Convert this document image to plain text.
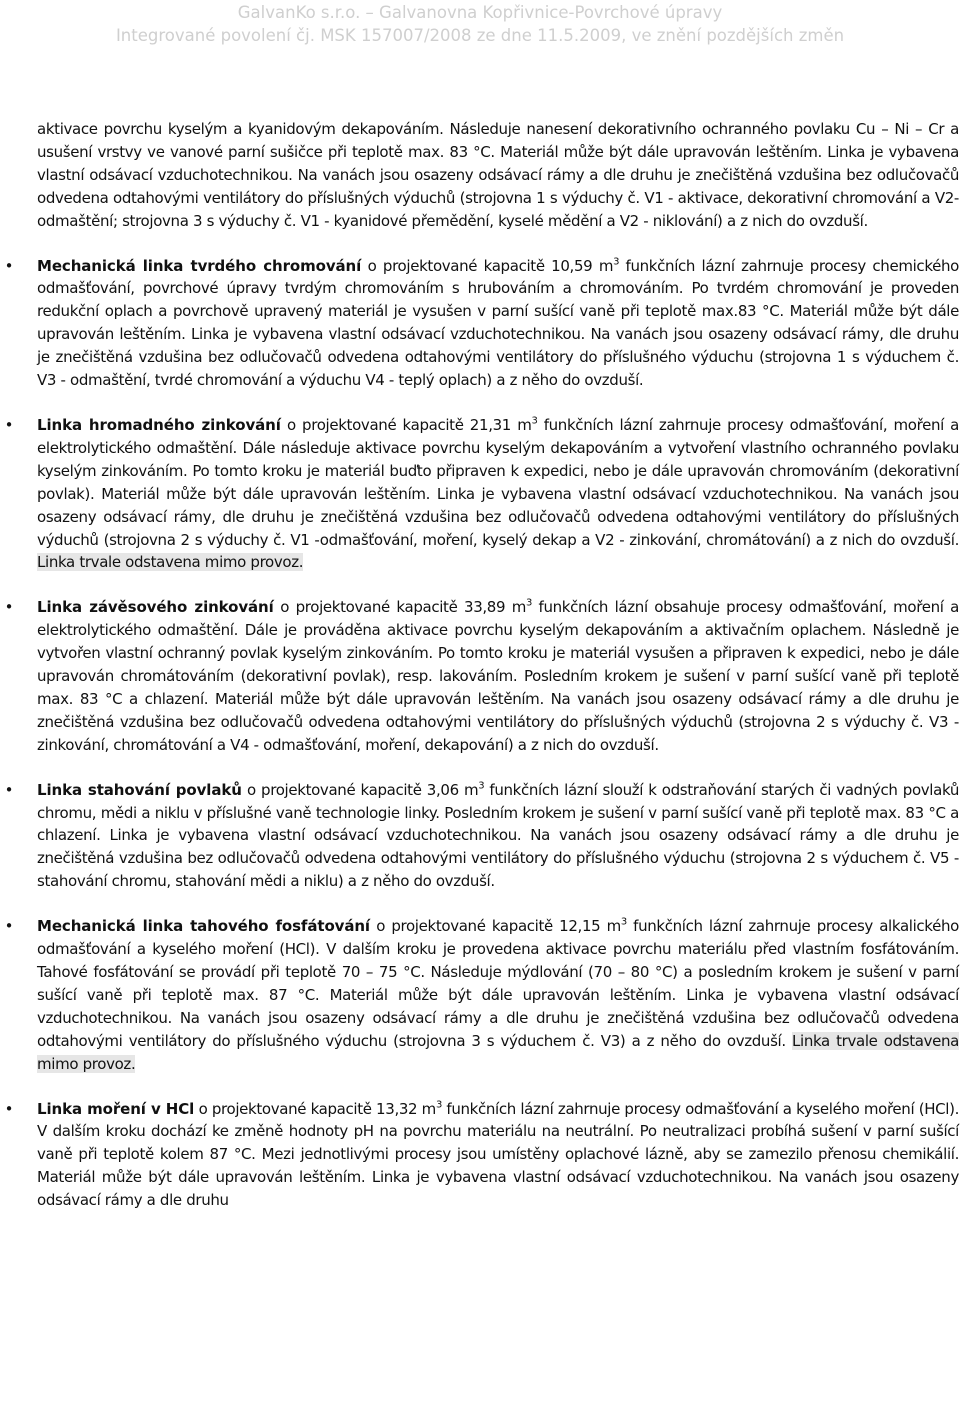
GalvanKo s.r.o. – Galvanovna Kopřivnice-Povrchové úpravy
Integrované povolení čj. MSK 157007/2008 ze dne 11.5.2009, ve znění pozdějších změn

aktivace povrchu kyselým a kyanidovým dekapováním. Následuje nanesení dekorativního ochranného povlaku Cu – Ni – Cr a usušení vrstvy ve vanové parní sušičce při teplotě max. 83 °C. Materiál může být dále upravován leštěním. Linka je vybavena vlastní odsávací vzduchotechnikou. Na vanách jsou osazeny odsávací rámy a dle druhu je znečištěná vzdušina bez odlučovačů odvedena odtahovými ventilátory do příslušných výduchů (strojovna 1 s výduchy č. V1 - aktivace, dekorativní chromování a V2-odmaštění; strojovna 3 s výduchy č. V1 - kyanidové přemědění, kyselé mědění a V2 - niklování) a z nich do ovzduší.

• Mechanická linka tvrdého chromování o projektované kapacitě 10,59 $m^3$ funkčních lázní zahrnuje procesy chemického odmašťování, povrchové úpravy tvrdým chromováním s hrubováním a chromováním. Po tvrdém chromování je proveden redukční oplach a povrchově upravený materiál je vysušen v parní sušící vaně při teplotě max.83 °C. Materiál může být dále upravován leštěním. Linka je vybavena vlastní odsávací vzduchotechnikou. Na vanách jsou osazeny odsávací rámy, dle druhu je znečištěná vzdušina bez odlučovačů odvedena odtahovými ventilátory do příslušného výduchu (strojovna 1 s výduchem č. V3 - odmaštění, tvrdé chromování a výduchu V4 - teplý oplach) a z něho do ovzduší.

• Linka hromadného zinkování o projektované kapacitě 21,31 $m^3$ funkčních lázní zahrnuje procesy odmašťování, moření a elektrolytického odmaštění. Dále následuje aktivace povrchu kyselým dekapováním a vytvoření vlastního ochranného povlaku kyselým zinkováním. Po tomto kroku je materiál buďto připraven k expedici, nebo je dále upravován chromováním (dekorativní povlak). Materiál může být dále upravován leštěním. Linka je vybavena vlastní odsávací vzduchotechnikou. Na vanách jsou osazeny odsávací rámy, dle druhu je znečištěná vzdušina bez odlučovačů odvedena odtahovými ventilátory do příslušných výduchů (strojovna 2 s výduchy č. V1 -odmašťování, moření, kyselý dekap a V2 - zinkování, chromátování) a z nich do ovzduší. Linka trvale odstavena mimo provoz.

• Linka závěsového zinkování o projektované kapacitě 33,89 $m^3$ funkčních lázní obsahuje procesy odmašťování, moření a elektrolytického odmaštění. Dále je prováděna aktivace povrchu kyselým dekapováním a aktivačním oplachem. Následně je vytvořen vlastní ochranný povlak kyselým zinkováním. Po tomto kroku je materiál vysušen a připraven k expedici, nebo je dále upravován chromátováním (dekorativní povlak), resp. lakováním. Posledním krokem je sušení v parní sušící vaně při teplotě max. 83 °C a chlazení. Materiál může být dále upravován leštěním. Na vanách jsou osazeny odsávací rámy a dle druhu je znečištěná vzdušina bez odlučovačů odvedena odtahovými ventilátory do příslušných výduchů (strojovna 2 s výduchy č. V3 -zinkování, chromátování a V4 - odmašťování, moření, dekapování) a z nich do ovzduší.

• Linka stahování povlaků o projektované kapacitě 3,06 $m^3$ funkčních lázní slouží k odstraňování starých či vadných povlaků chromu, mědi a niklu v příslušné vaně technologie linky. Posledním krokem je sušení v parní sušící vaně při teplotě max. 83 °C a chlazení. Linka je vybavena vlastní odsávací vzduchotechnikou. Na vanách jsou osazeny odsávací rámy a dle druhu je znečištěná vzdušina bez odlučovačů odvedena odtahovými ventilátory do příslušného výduchu (strojovna 2 s výduchem č. V5 - stahování chromu, stahování mědi a niklu) a z něho do ovzduší.

• Mechanická linka tahového fosfátování o projektované kapacitě 12,15 $m^3$ funkčních lázní zahrnuje procesy alkalického odmašťování a kyselého moření (HCl). V dalším kroku je provedena aktivace povrchu materiálu před vlastním fosfátováním. Tahové fosfátování se provádí při teplotě 70 – 75 °C. Následuje mýdlování (70 – 80 °C) a posledním krokem je sušení v parní sušící vaně při teplotě max. 87 °C. Materiál může být dále upravován leštěním. Linka je vybavena vlastní odsávací vzduchotechnikou. Na vanách jsou osazeny odsávací rámy a dle druhu je znečištěná vzdušina bez odlučovačů odvedena odtahovými ventilátory do příslušného výduchu (strojovna 3 s výduchem č. V3) a z něho do ovzduší. Linka trvale odstavena mimo provoz.

• Linka moření v HCl o projektované kapacitě 13,32 $m^3$ funkčních lázní zahrnuje procesy odmašťování a kyselého moření (HCl). V dalším kroku dochází ke změně hodnoty pH na povrchu materiálu na neutrální. Po neutralizaci probíhá sušení v parní sušící vaně při teplotě kolem 87 °C. Mezi jednotlivými procesy jsou umístěny oplachové lázně, aby se zamezilo přenosu chemikálií. Materiál může být dále upravován leštěním. Linka je vybavena vlastní odsávací vzduchotechnikou. Na vanách jsou osazeny odsávací rámy a dle druhu
